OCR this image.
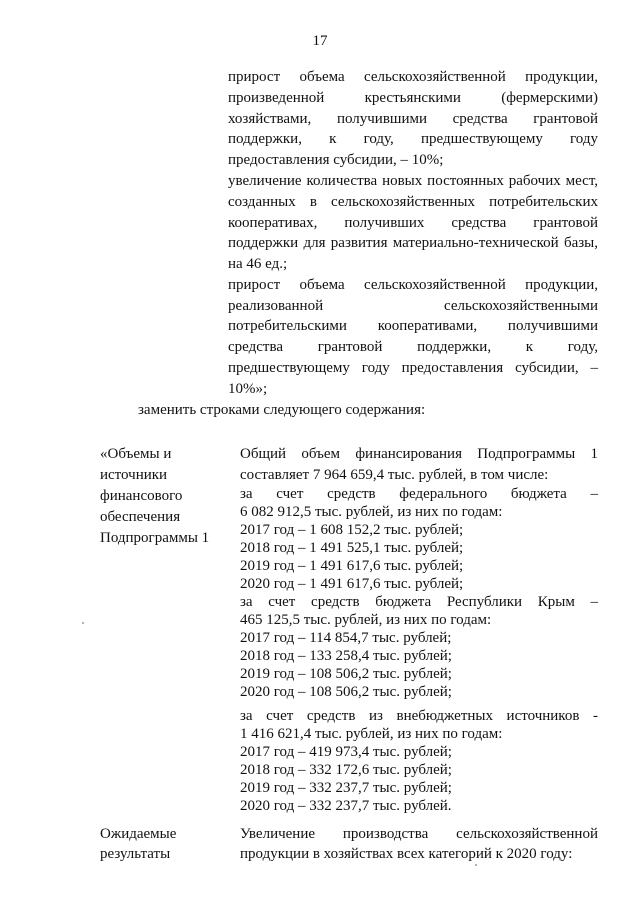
17
прирост объема сельскохозяйственной продукции,
произведенной крестьянскими (фермерскими)
хозяйствами, получившими средства грантовой
поддержки, к году, предшествующему году
предоставления субсидии, – 10%;
увеличение количества новых постоянных рабочих мест,
созданных в сельскохозяйственных потребительских
кооперативах, получивших средства грантовой
поддержки для развития материально-технической базы,
на 46 ед.;
прирост объема сельскохозяйственной продукции,
реализованной сельскохозяйственными
потребительскими кооперативами, получившими
средства грантовой поддержки, к году,
предшествующему году предоставления субсидии, –
10%»;
заменить строками следующего содержания:
«Объемы и
источники
финансового
обеспечения
Подпрограммы 1
Общий объем финансирования Подпрограммы 1
составляет 7 964 659,4 тыс. рублей, в том числе:
за счет средств федерального бюджета –
6 082 912,5 тыс. рублей, из них по годам:
2017 год – 1 608 152,2 тыс. рублей;
2018 год – 1 491 525,1 тыс. рублей;
2019 год – 1 491 617,6 тыс. рублей;
2020 год – 1 491 617,6 тыс. рублей;
за счет средств бюджета Республики Крым –
465 125,5 тыс. рублей, из них по годам:
2017 год – 114 854,7 тыс. рублей;
2018 год – 133 258,4 тыс. рублей;
2019 год – 108 506,2 тыс. рублей;
2020 год – 108 506,2 тыс. рублей;
за счет средств из внебюджетных источников -
1 416 621,4 тыс. рублей, из них по годам:
2017 год – 419 973,4 тыс. рублей;
2018 год – 332 172,6 тыс. рублей;
2019 год – 332 237,7 тыс. рублей;
2020 год – 332 237,7 тыс. рублей.
Ожидаемые
результаты
Увеличение производства сельскохозяйственной
продукции в хозяйствах всех категорий к 2020 году:
